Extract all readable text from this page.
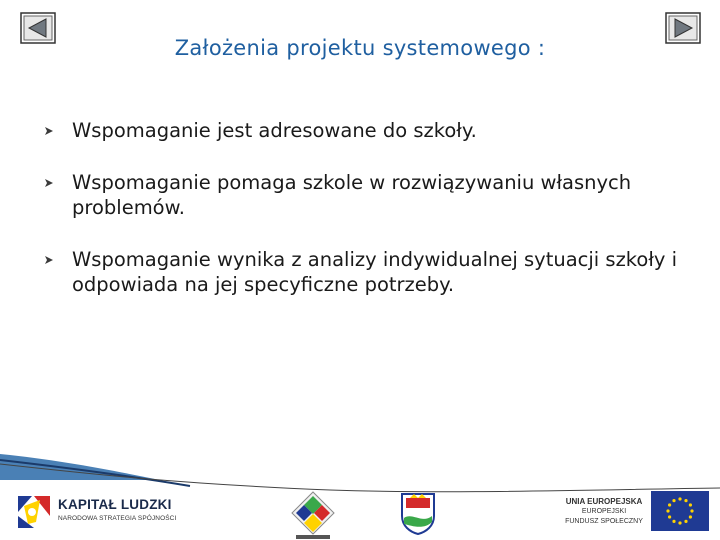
Założenia projektu systemowego :
Wspomaganie jest adresowane do szkoły.
Wspomaganie pomaga szkole w rozwiązywaniu własnych problemów.
Wspomaganie wynika z analizy indywidualnej sytuacji szkoły i odpowiada na jej specyficzne potrzeby.
KAPITAŁ LUDZKI
NARODOWA STRATEGIA SPÓJNOŚCI
UNIA EUROPEJSKA
EUROPEJSKI
FUNDUSZ SPOŁECZNY
